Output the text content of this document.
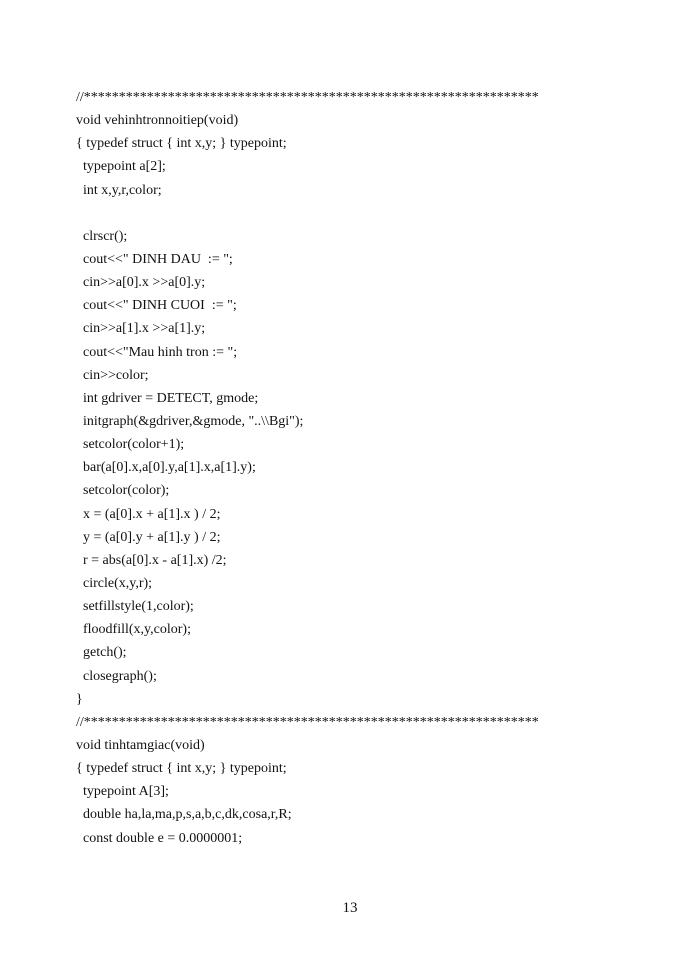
//*****************************************************************
void vehinhtronnoitiep(void)
{ typedef struct { int x,y; } typepoint;
typepoint a[2];
int x,y,r,color;
clrscr();
cout<<" DINH DAU  := ";
cin>>a[0].x >>a[0].y;
cout<<" DINH CUOI  := ";
cin>>a[1].x >>a[1].y;
cout<<"Mau hinh tron := ";
cin>>color;
int gdriver = DETECT, gmode;
initgraph(&gdriver,&gmode, "..\\Bgi");
setcolor(color+1);
bar(a[0].x,a[0].y,a[1].x,a[1].y);
setcolor(color);
x = (a[0].x + a[1].x ) / 2;
y = (a[0].y + a[1].y ) / 2;
r = abs(a[0].x - a[1].x) /2;
circle(x,y,r);
setfillstyle(1,color);
floodfill(x,y,color);
getch();
closegraph();
}
//*****************************************************************
void tinhtamgiac(void)
{ typedef struct { int x,y; } typepoint;
typepoint A[3];
double ha,la,ma,p,s,a,b,c,dk,cosa,r,R;
const double e = 0.0000001;
13
